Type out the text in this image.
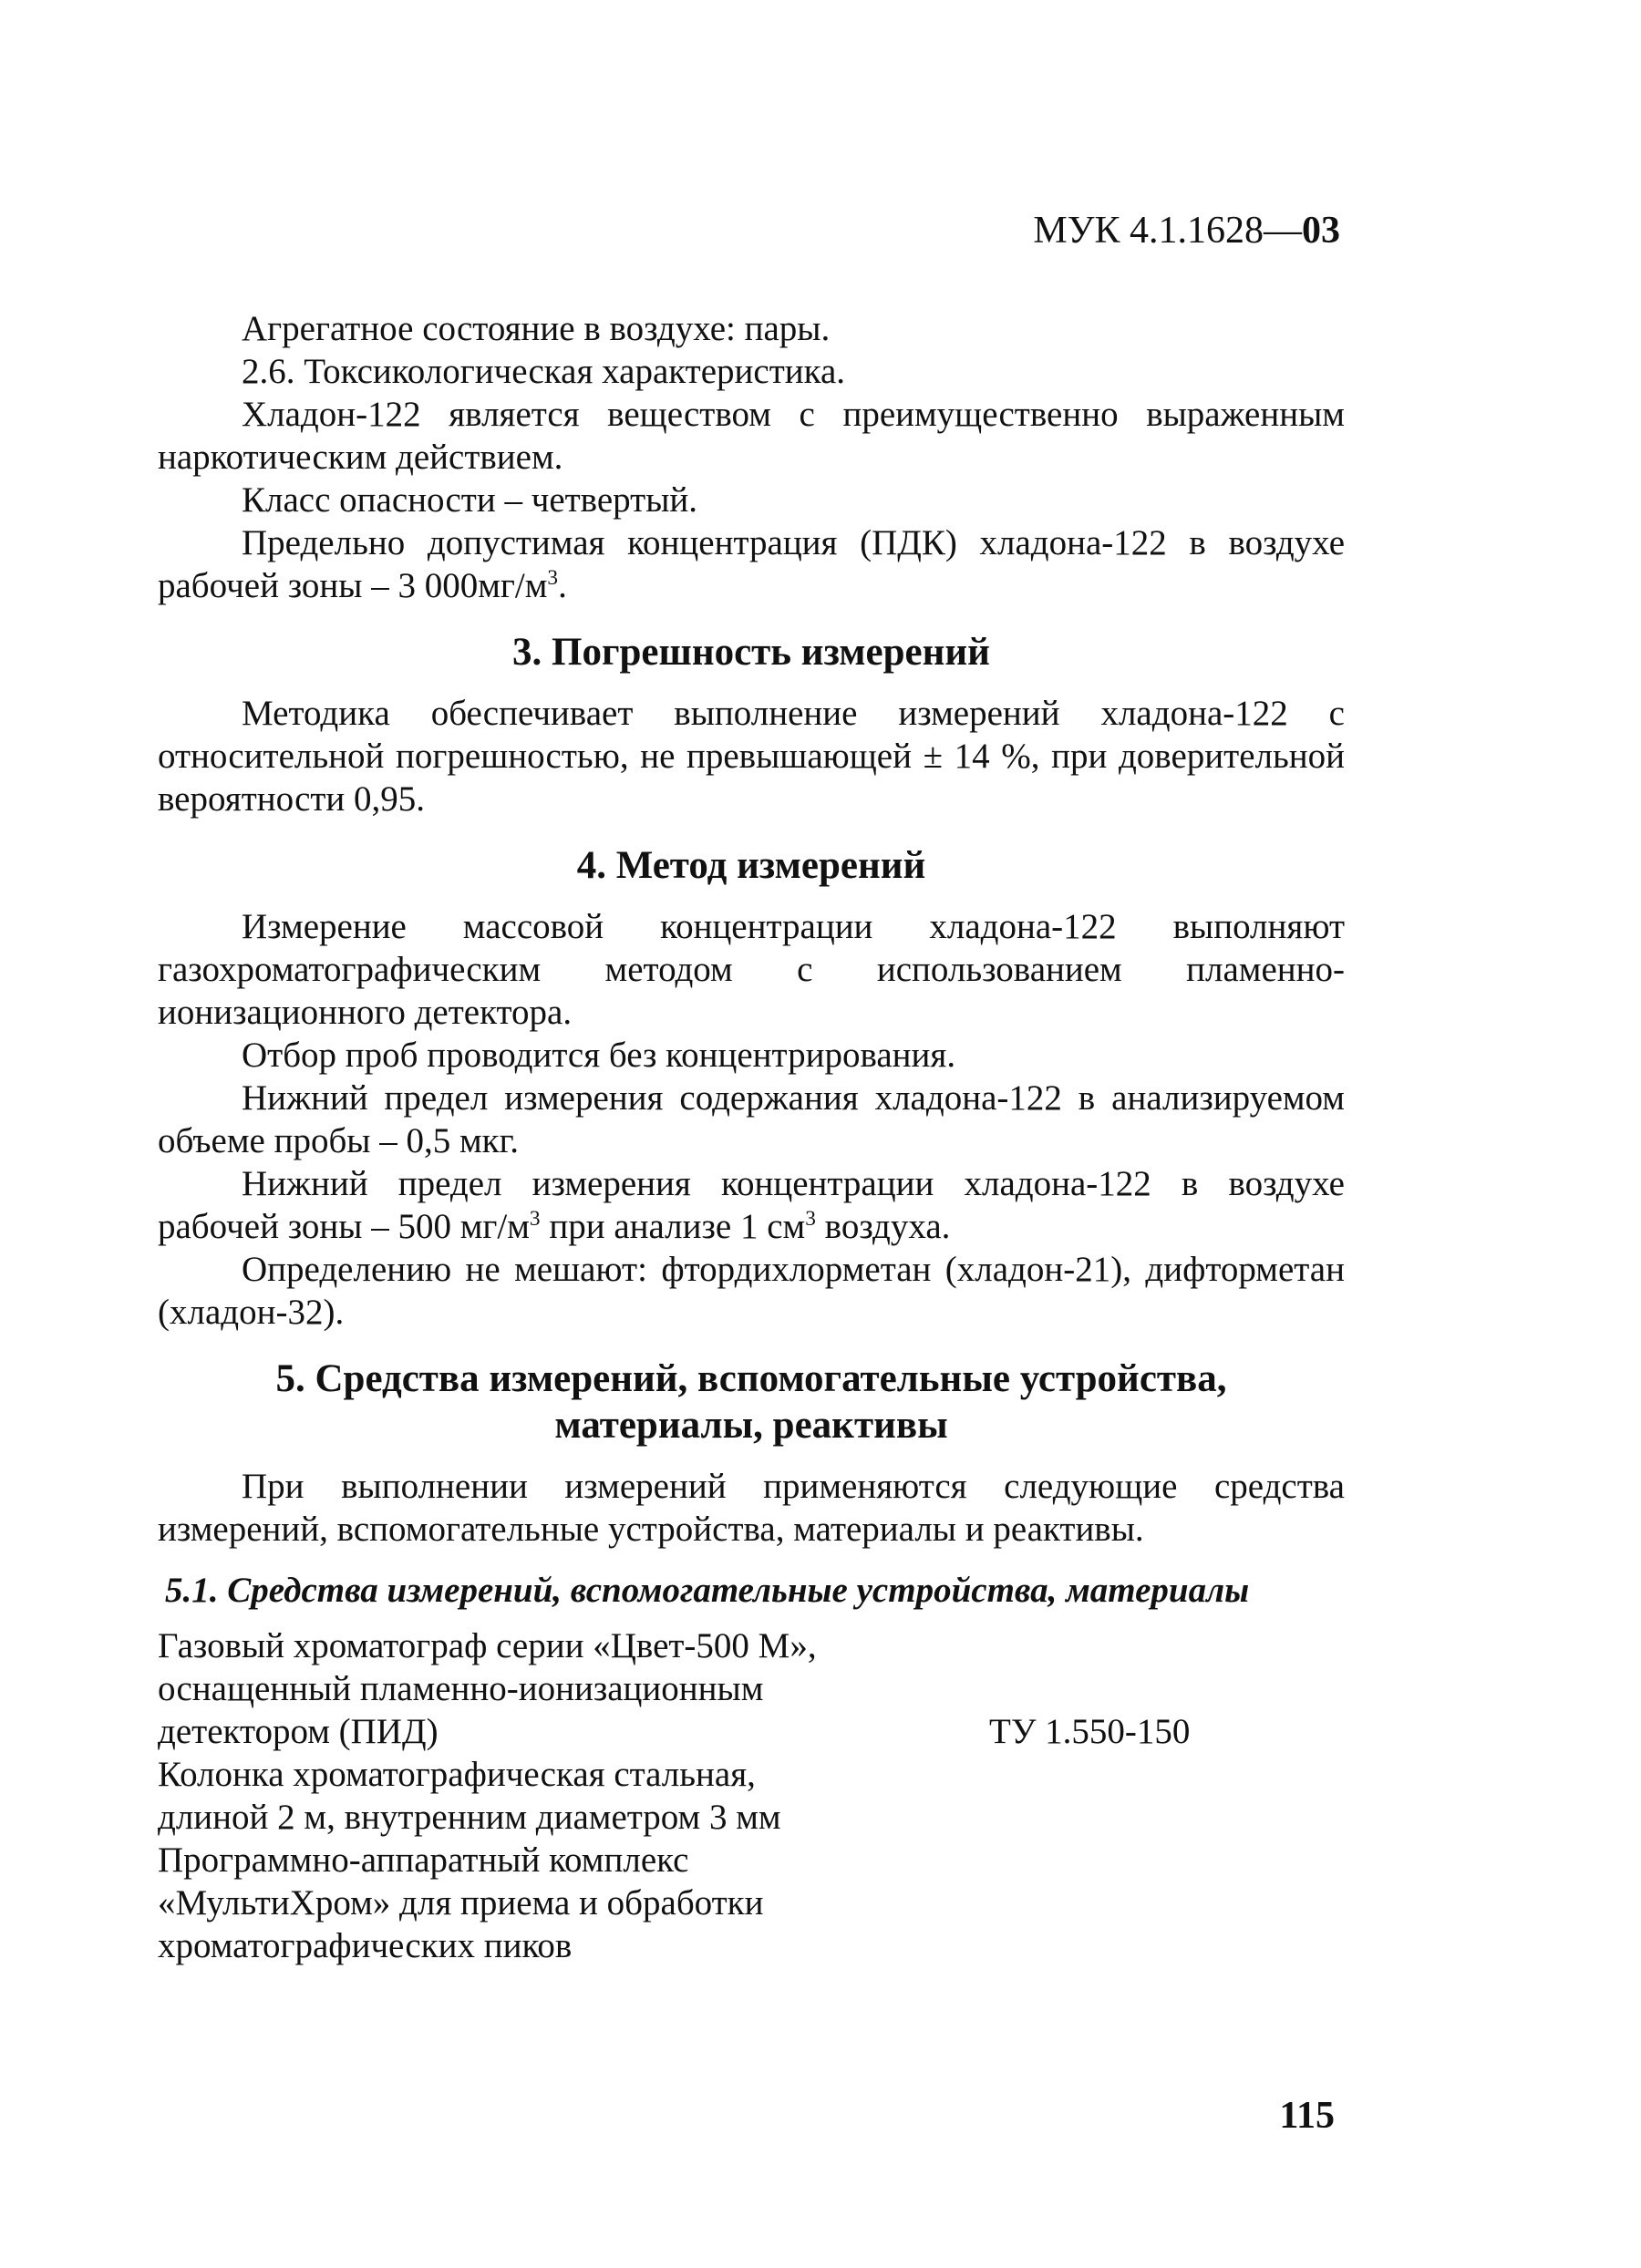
МУК 4.1.1628—03

Агрегатное состояние в воздухе: пары.

2.6. Токсикологическая характеристика.

Хладон-122 является веществом с преимущественно выраженным наркотическим действием.

Класс опасности – четвертый.

Предельно допустимая концентрация (ПДК) хладона-122 в воздухе рабочей зоны – 3 $000мг/м^3$.

3. Погрешность измерений

Методика обеспечивает выполнение измерений хладона-122 с относительной погрешностью, не превышающей ± 14 %, при доверительной вероятности 0,95.

4. Метод измерений

Измерение массовой концентрации хладона-122 выполняют газохроматографическим методом с использованием пламенно-ионизационного детектора.

Отбор проб проводится без концентрирования.

Нижний предел измерения содержания хладона-122 в анализируемом объеме пробы – 0,5 мкг.

Нижний предел измерения концентрации хладона-122 в воздухе рабочей зоны – 500 $мг/м^3$ при анализе 1 $см^3$ воздуха.

Определению не мешают: фтордихлорметан (хладон-21), дифторметан (хладон-32).

5. Средства измерений, вспомогательные устройства,
материалы, реактивы

При выполнении измерений применяются следующие средства измерений, вспомогательные устройства, материалы и реактивы.

5.1. Средства измерений, вспомогательные устройства, материалы
Газовый хроматограф серии «Цвет-500 М»,
оснащенный пламенно-ионизационным
детектором (ПИД)	ТУ 1.550-150
Колонка хроматографическая стальная,
длиной 2 м, внутренним диаметром 3 мм
Программно-аппаратный комплекс
«МультиХром» для приема и обработки
хроматографических пиков
115
